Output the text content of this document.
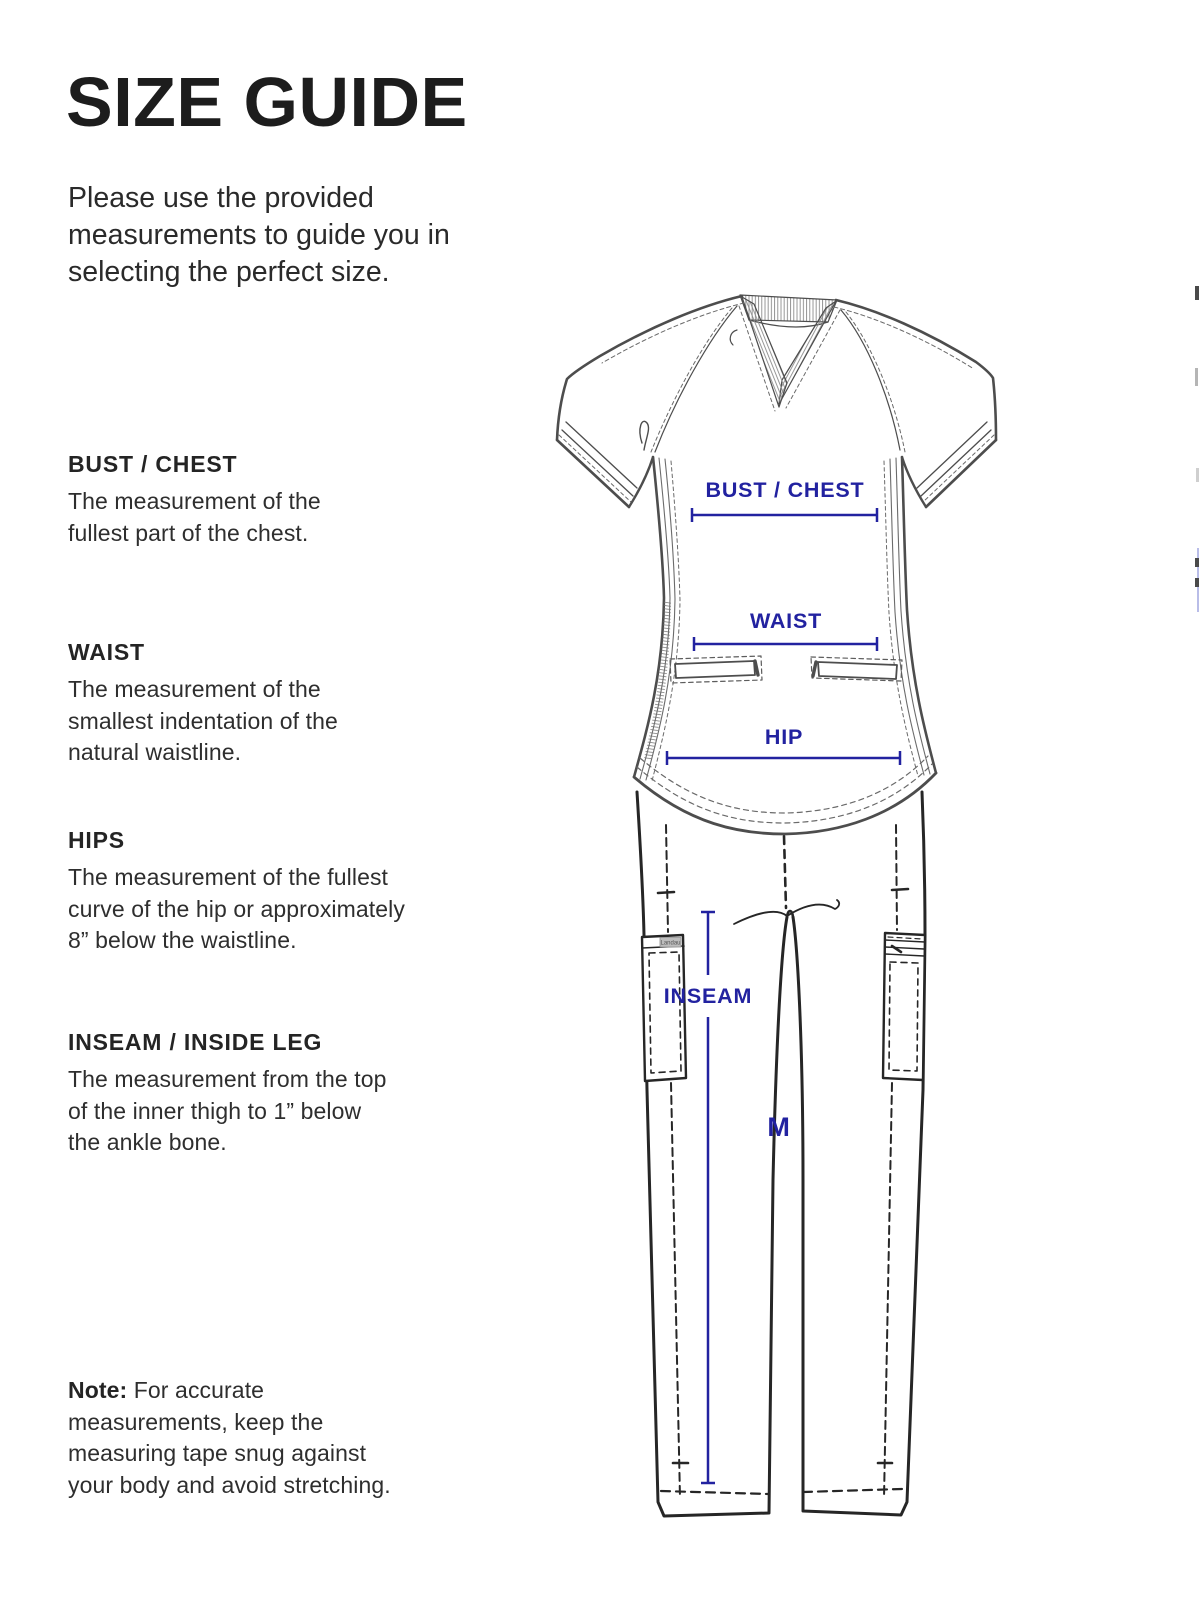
SIZE GUIDE

Please use the provided
measurements to guide you in
selecting the perfect size.

BUST / CHEST

The measurement of the
fullest part of the chest.

WAIST

The measurement of the
smallest indentation of the
natural waistline.

HIPS

The measurement of the fullest
curve of the hip or approximately
8” below the waistline.

INSEAM / INSIDE LEG

The measurement from the top
of the inner thigh to 1” below
the ankle bone.

Note: For accurate
measurements, keep the
measuring tape snug against
your body and avoid stretching.
BUST / CHEST
WAIST
HIP
INSEAM
M
Landau
